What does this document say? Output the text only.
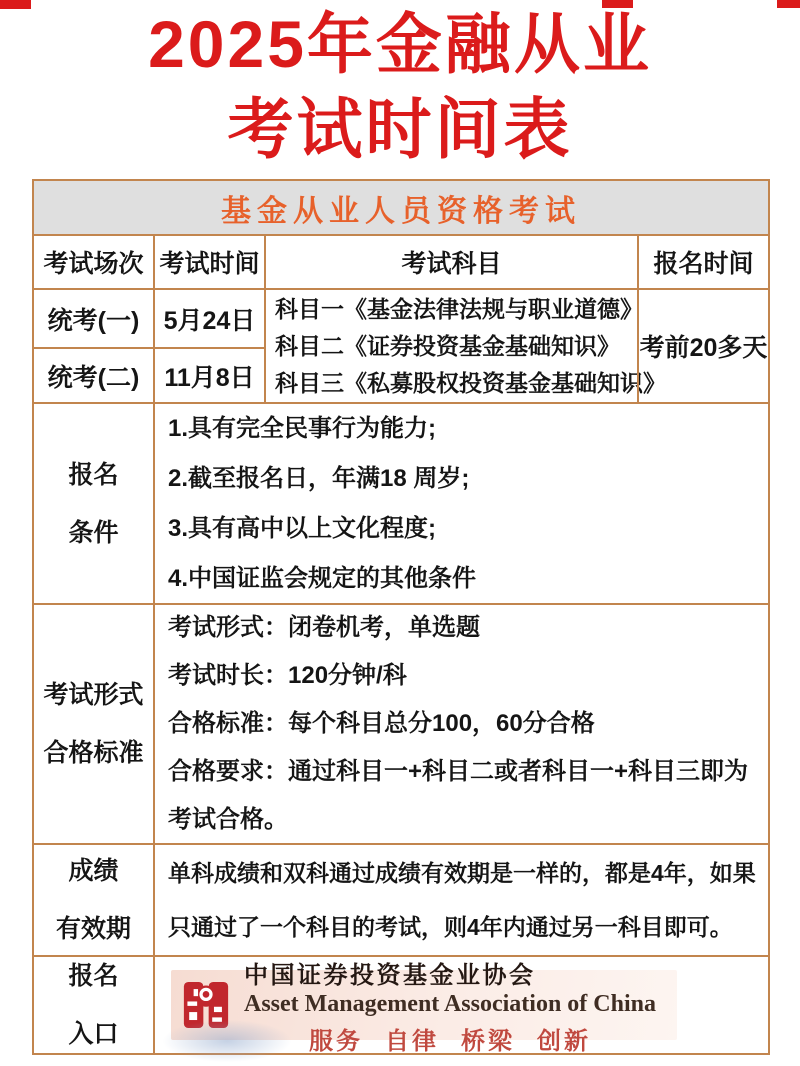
2025年金融从业
考试时间表
基金从业人员资格考试
考试场次 考试时间	考试科目	报名时间
统考(一)
统考(二)
5月24日
11月8日
科目一《基金法律法规与职业道德》
科目二《证券投资基金基础知识》
科目三《私募股权投资基金基础知识》
考前20多天
报名
条件
1.具有完全民事行为能力;
2.截至报名日，年满18 周岁;
3.具有高中以上文化程度;
4.中国证监会规定的其他条件
考试形式
合格标准
考试形式：闭卷机考，单选题
考试时长：120分钟/科
合格标准：每个科目总分100，60分合格
合格要求：通过科目一+科目二或者科目一+科目三即为
考试合格。
成绩
有效期
单科成绩和双科通过成绩有效期是一样的，都是4年，如果
只通过了一个科目的考试，则4年内通过另一科目即可。
报名
入口
中国证券投资基金业协会
Asset Management Association of China
服务 自律 桥梁 创新
